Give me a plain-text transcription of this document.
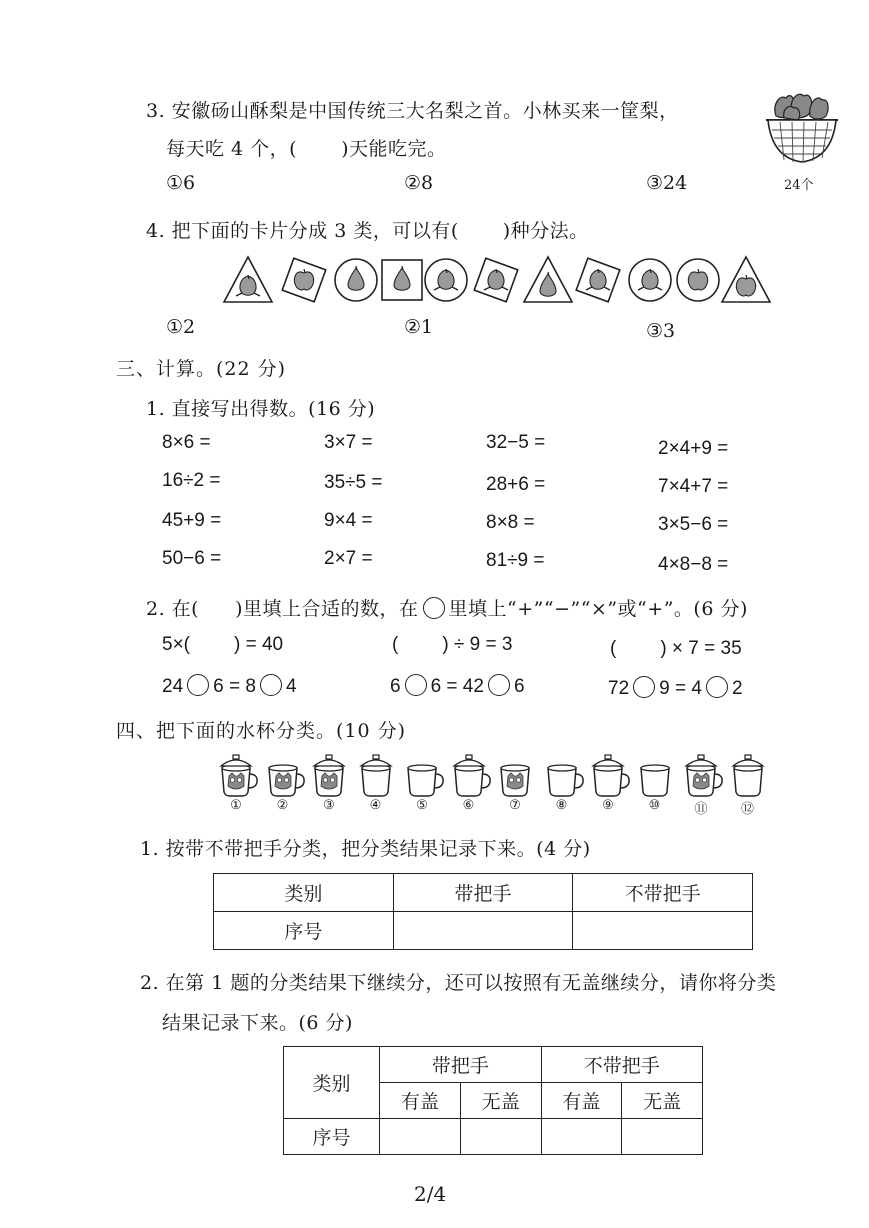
3. 安徽砀山酥梨是中国传统三大名梨之首。小林买来一筐梨，
每天吃 4 个，( )天能吃完。
①6	②8	③24	24个
4. 把下面的卡片分成 3 类，可以有( )种分法。
①2	②1	③3
三、计算。(22 分)
1. 直接写出得数。(16 分)
8×6 =	3×7 =	32−5 =	2×4+9 =
16÷2 =	35÷5 =	28+6 =	7×4+7 =
45+9 =	9×4 =	8×8 =	3×5−6 =
50−6 =	2×7 =	81÷9 =	4×8−8 =
2. 在( )里填上合适的数，在 里填上“+”“−”“×”或“+”。(6 分)
5×( ) = 40	( ) ÷ 9 = 3	( ) × 7 = 35
24 6 = 8 4	6 6 = 42 6	72 9 = 4 2
四、把下面的水杯分类。(10 分)
①	②	③	④	⑤	⑥	⑦	⑧	⑨	⑩	⑪	⑫
1. 按带不带把手分类，把分类结果记录下来。(4 分)
类别	带把手	不带把手
序号		
2. 在第 1 题的分类结果下继续分，还可以按照有无盖继续分，请你将分类
结果记录下来。(6 分)
类别	带把手		不带把手	
	有盖	无盖	有盖	无盖
序号				
2/4
